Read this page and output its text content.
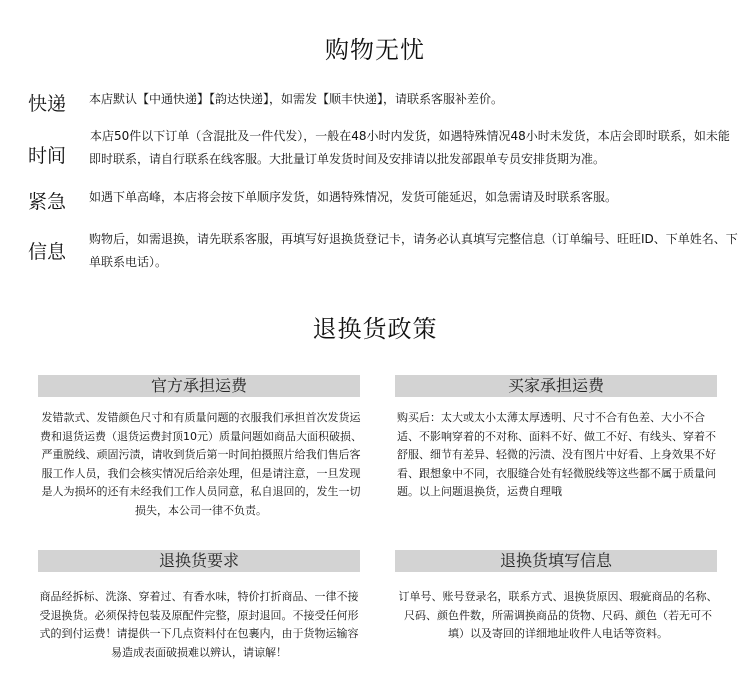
购物无忧
快递 本店默认【中通快递】【韵达快递】，如需发【顺丰快递】，请联系客服补差价。
时间
本店50件以下订单（含混批及一件代发），一般在48小时内发货，如遇特殊情况48小时未发货，本店会即时联系，如未能即时联系，请自行联系在线客服。大批量订单发货时间及安排请以批发部跟单专员安排货期为准。
紧急 如遇下单高峰，本店将会按下单顺序发货，如遇特殊情况，发货可能延迟，如急需请及时联系客服。
信息
购物后，如需退换，请先联系客服，再填写好退换货登记卡，请务必认真填写完整信息（订单编号、旺旺ID、下单姓名、下单联系电话）。
退换货政策
官方承担运费
发错款式、发错颜色尺寸和有质量问题的衣服我们承担首次发货运费和退货运费（退货运费封顶10元）质量问题如商品大面积破损、严重脱线、顽固污渍，请收到货后第一时间拍摄照片给我们售后客服工作人员，我们会核实情况后给亲处理，但是请注意，一旦发现是人为损坏的还有未经我们工作人员同意，私自退回的，发生一切损失，本公司一律不负责。
买家承担运费
购买后：太大或太小太薄太厚透明、尺寸不合有色差、大小不合适、不影响穿着的不对称、面料不好、做工不好、有线头、穿着不舒服、细节有差异、轻微的污渍、没有图片中好看、上身效果不好看、跟想象中不同，衣服缝合处有轻微脱线等这些都不属于质量问题。以上问题退换货，运费自理哦
退换货要求
商品经拆标、洗涤、穿着过、有香水味，特价打折商品、一律不接受退换货。必须保持包装及原配件完整，原封退回。不接受任何形式的到付运费！请提供一下几点资料付在包裹内，由于货物运输容易造成表面破损难以辨认，请谅解！
退换货填写信息
订单号、账号登录名，联系方式、退换货原因、瑕疵商品的名称、尺码、颜色件数，所需调换商品的货物、尺码、颜色（若无可不填）以及寄回的详细地址收件人电话等资料。
